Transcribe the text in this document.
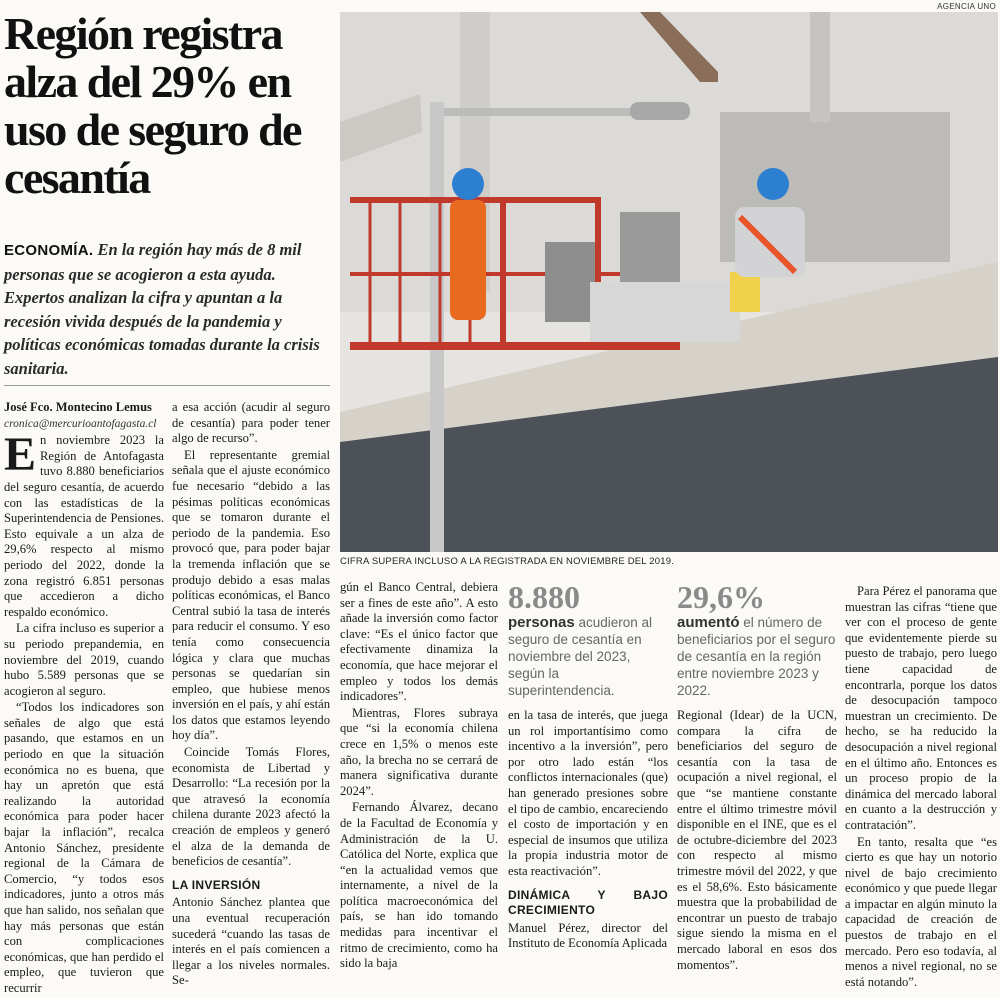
AGENCIA UNO
Región registra alza del 29% en uso de seguro de cesantía
ECONOMÍA. En la región hay más de 8 mil personas que se acogieron a esta ayuda. Expertos analizan la cifra y apuntan a la recesión vivida después de la pandemia y políticas económicas tomadas durante la crisis sanitaria.
CIFRA SUPERA INCLUSO A LA REGISTRADA EN NOVIEMBRE DEL 2019.

José Fco. Montecino Lemus

cronica@mercurioantofagasta.cl

En noviembre 2023 la Región de Antofagasta tuvo 8.880 beneficiarios del seguro cesantía, de acuerdo con las estadísticas de la Superintendencia de Pensiones. Esto equivale a un alza de 29,6% respecto al mismo periodo del 2022, donde la zona registró 6.851 personas que accedieron a dicho respaldo económico.

La cifra incluso es superior a su periodo prepandemia, en noviembre del 2019, cuando hubo 5.589 personas que se acogieron al seguro.

“Todos los indicadores son señales de algo que está pasando, que estamos en un periodo en que la situación económica no es buena, que hay un apretón que está realizando la autoridad económica para poder hacer bajar la inflación”, recalca Antonio Sánchez, presidente regional de la Cámara de Comercio, “y todos esos indicadores, junto a otros más que han salido, nos señalan que hay más personas que están con complicaciones económicas, que han perdido el empleo, que tuvieron que recurrir

a esa acción (acudir al seguro de cesantía) para poder tener algo de recurso”.

El representante gremial señala que el ajuste económico fue necesario “debido a las pésimas políticas económicas que se tomaron durante el periodo de la pandemia. Eso provocó que, para poder bajar la tremenda inflación que se produjo debido a esas malas políticas económicas, el Banco Central subió la tasa de interés para reducir el consumo. Y eso tenía como consecuencia lógica y clara que muchas personas se quedarían sin empleo, que hubiese menos inversión en el país, y ahí están los datos que estamos leyendo hoy día”.

Coincide Tomás Flores, economista de Libertad y Desarrollo: “La recesión por la que atravesó la economía chilena durante 2023 afectó la creación de empleos y generó el alza de la demanda de beneficios de cesantía”.

LA INVERSIÓN

Antonio Sánchez plantea que una eventual recuperación sucederá “cuando las tasas de interés en el país comiencen a llegar a los niveles normales. Se-

gún el Banco Central, debiera ser a fines de este año”. A esto añade la inversión como factor clave: “Es el único factor que efectivamente dinamiza la economía, que hace mejorar el empleo y todos los demás indicadores”.

Mientras, Flores subraya que “si la economía chilena crece en 1,5% o menos este año, la brecha no se cerrará de manera significativa durante 2024”.

Fernando Álvarez, decano de la Facultad de Economía y Administración de la U. Católica del Norte, explica que “en la actualidad vemos que internamente, a nivel de la política macroeconómica del país, se han ido tomando medidas para incentivar el ritmo de crecimiento, como ha sido la baja

8.880
personas acudieron al seguro de cesantía en noviembre del 2023, según la superintendencia.
29,6%
aumentó el número de beneficiarios por el seguro de cesantía en la región entre noviembre 2023 y 2022.

en la tasa de interés, que juega un rol importantísimo como incentivo a la inversión”, pero por otro lado están “los conflictos internacionales (que) han generado presiones sobre el tipo de cambio, encareciendo el costo de importación y en especial de insumos que utiliza la propia industria motor de esta reactivación”.

DINÁMICA Y BAJO CRECIMIENTO

Manuel Pérez, director del Instituto de Economía Aplicada

Regional (Idear) de la UCN, compara la cifra de beneficiarios del seguro de cesantía con la tasa de ocupación a nivel regional, el que “se mantiene constante entre el último trimestre móvil disponible en el INE, que es el de octubre-diciembre del 2023 con respecto al mismo trimestre móvil del 2022, y que es el 58,6%. Esto básicamente muestra que la probabilidad de encontrar un puesto de trabajo sigue siendo la misma en el mercado laboral en esos dos momentos”.

Para Pérez el panorama que muestran las cifras “tiene que ver con el proceso de gente que evidentemente pierde su puesto de trabajo, pero luego tiene capacidad de encontrarla, porque los datos de desocupación tampoco muestran un crecimiento. De hecho, se ha reducido la desocupación a nivel regional en el último año. Entonces es un proceso propio de la dinámica del mercado laboral en cuanto a la destrucción y contratación”.

En tanto, resalta que “es cierto es que hay un notorio nivel de bajo crecimiento económico y que puede llegar a impactar en algún minuto la capacidad de creación de puestos de trabajo en el mercado. Pero eso todavía, al menos a nivel regional, no se está notando”.
